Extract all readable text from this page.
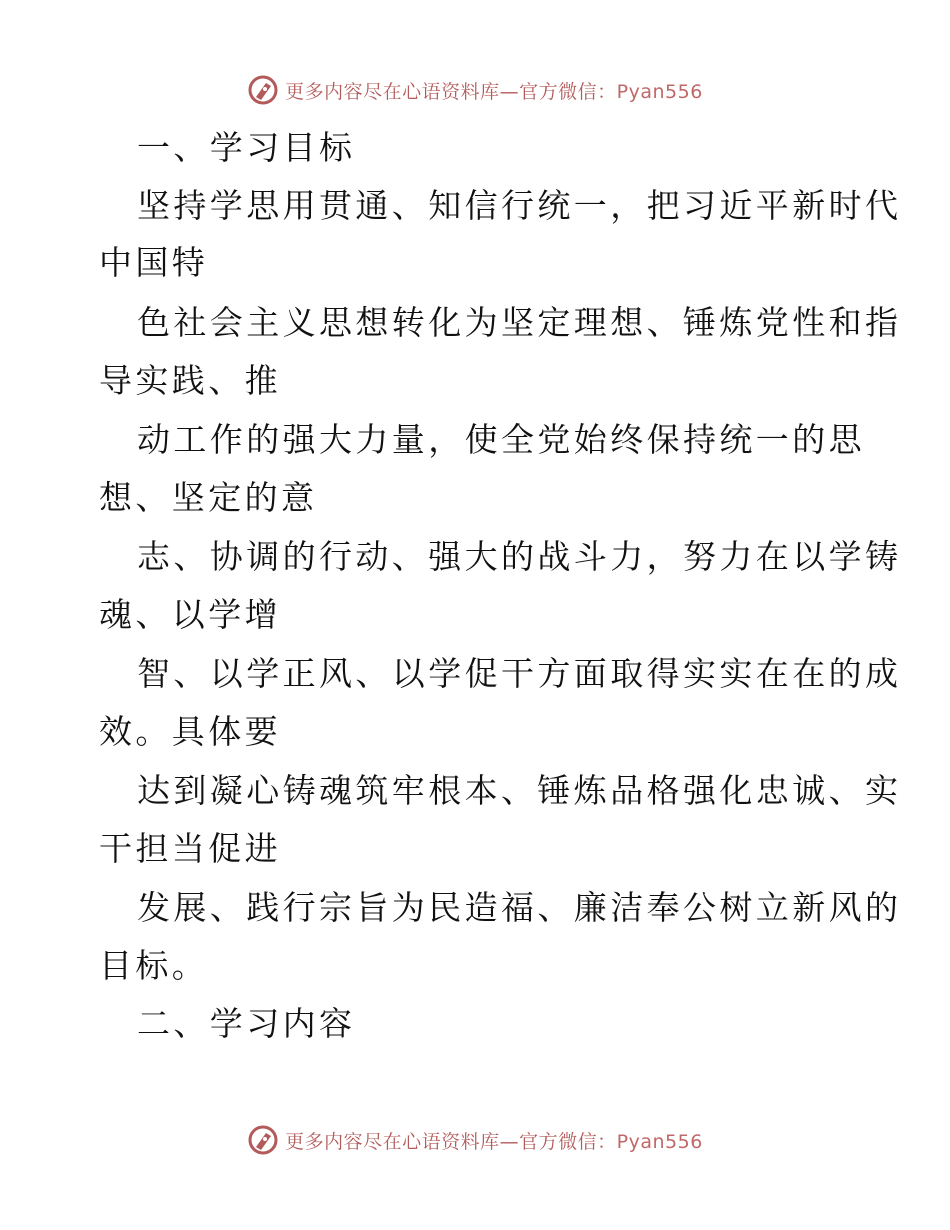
更多内容尽在心语资料库—官方微信：Pyan556
一、学习目标
坚持学思用贯通、知信行统一，把习近平新时代
中国特
色社会主义思想转化为坚定理想、锤炼党性和指
导实践、推
动工作的强大力量，使全党始终保持统一的思
想、坚定的意
志、协调的行动、强大的战斗力，努力在以学铸
魂、以学增
智、以学正风、以学促干方面取得实实在在的成
效。具体要
达到凝心铸魂筑牢根本、锤炼品格强化忠诚、实
干担当促进
发展、践行宗旨为民造福、廉洁奉公树立新风的
目标。
二、学习内容
更多内容尽在心语资料库—官方微信：Pyan556
